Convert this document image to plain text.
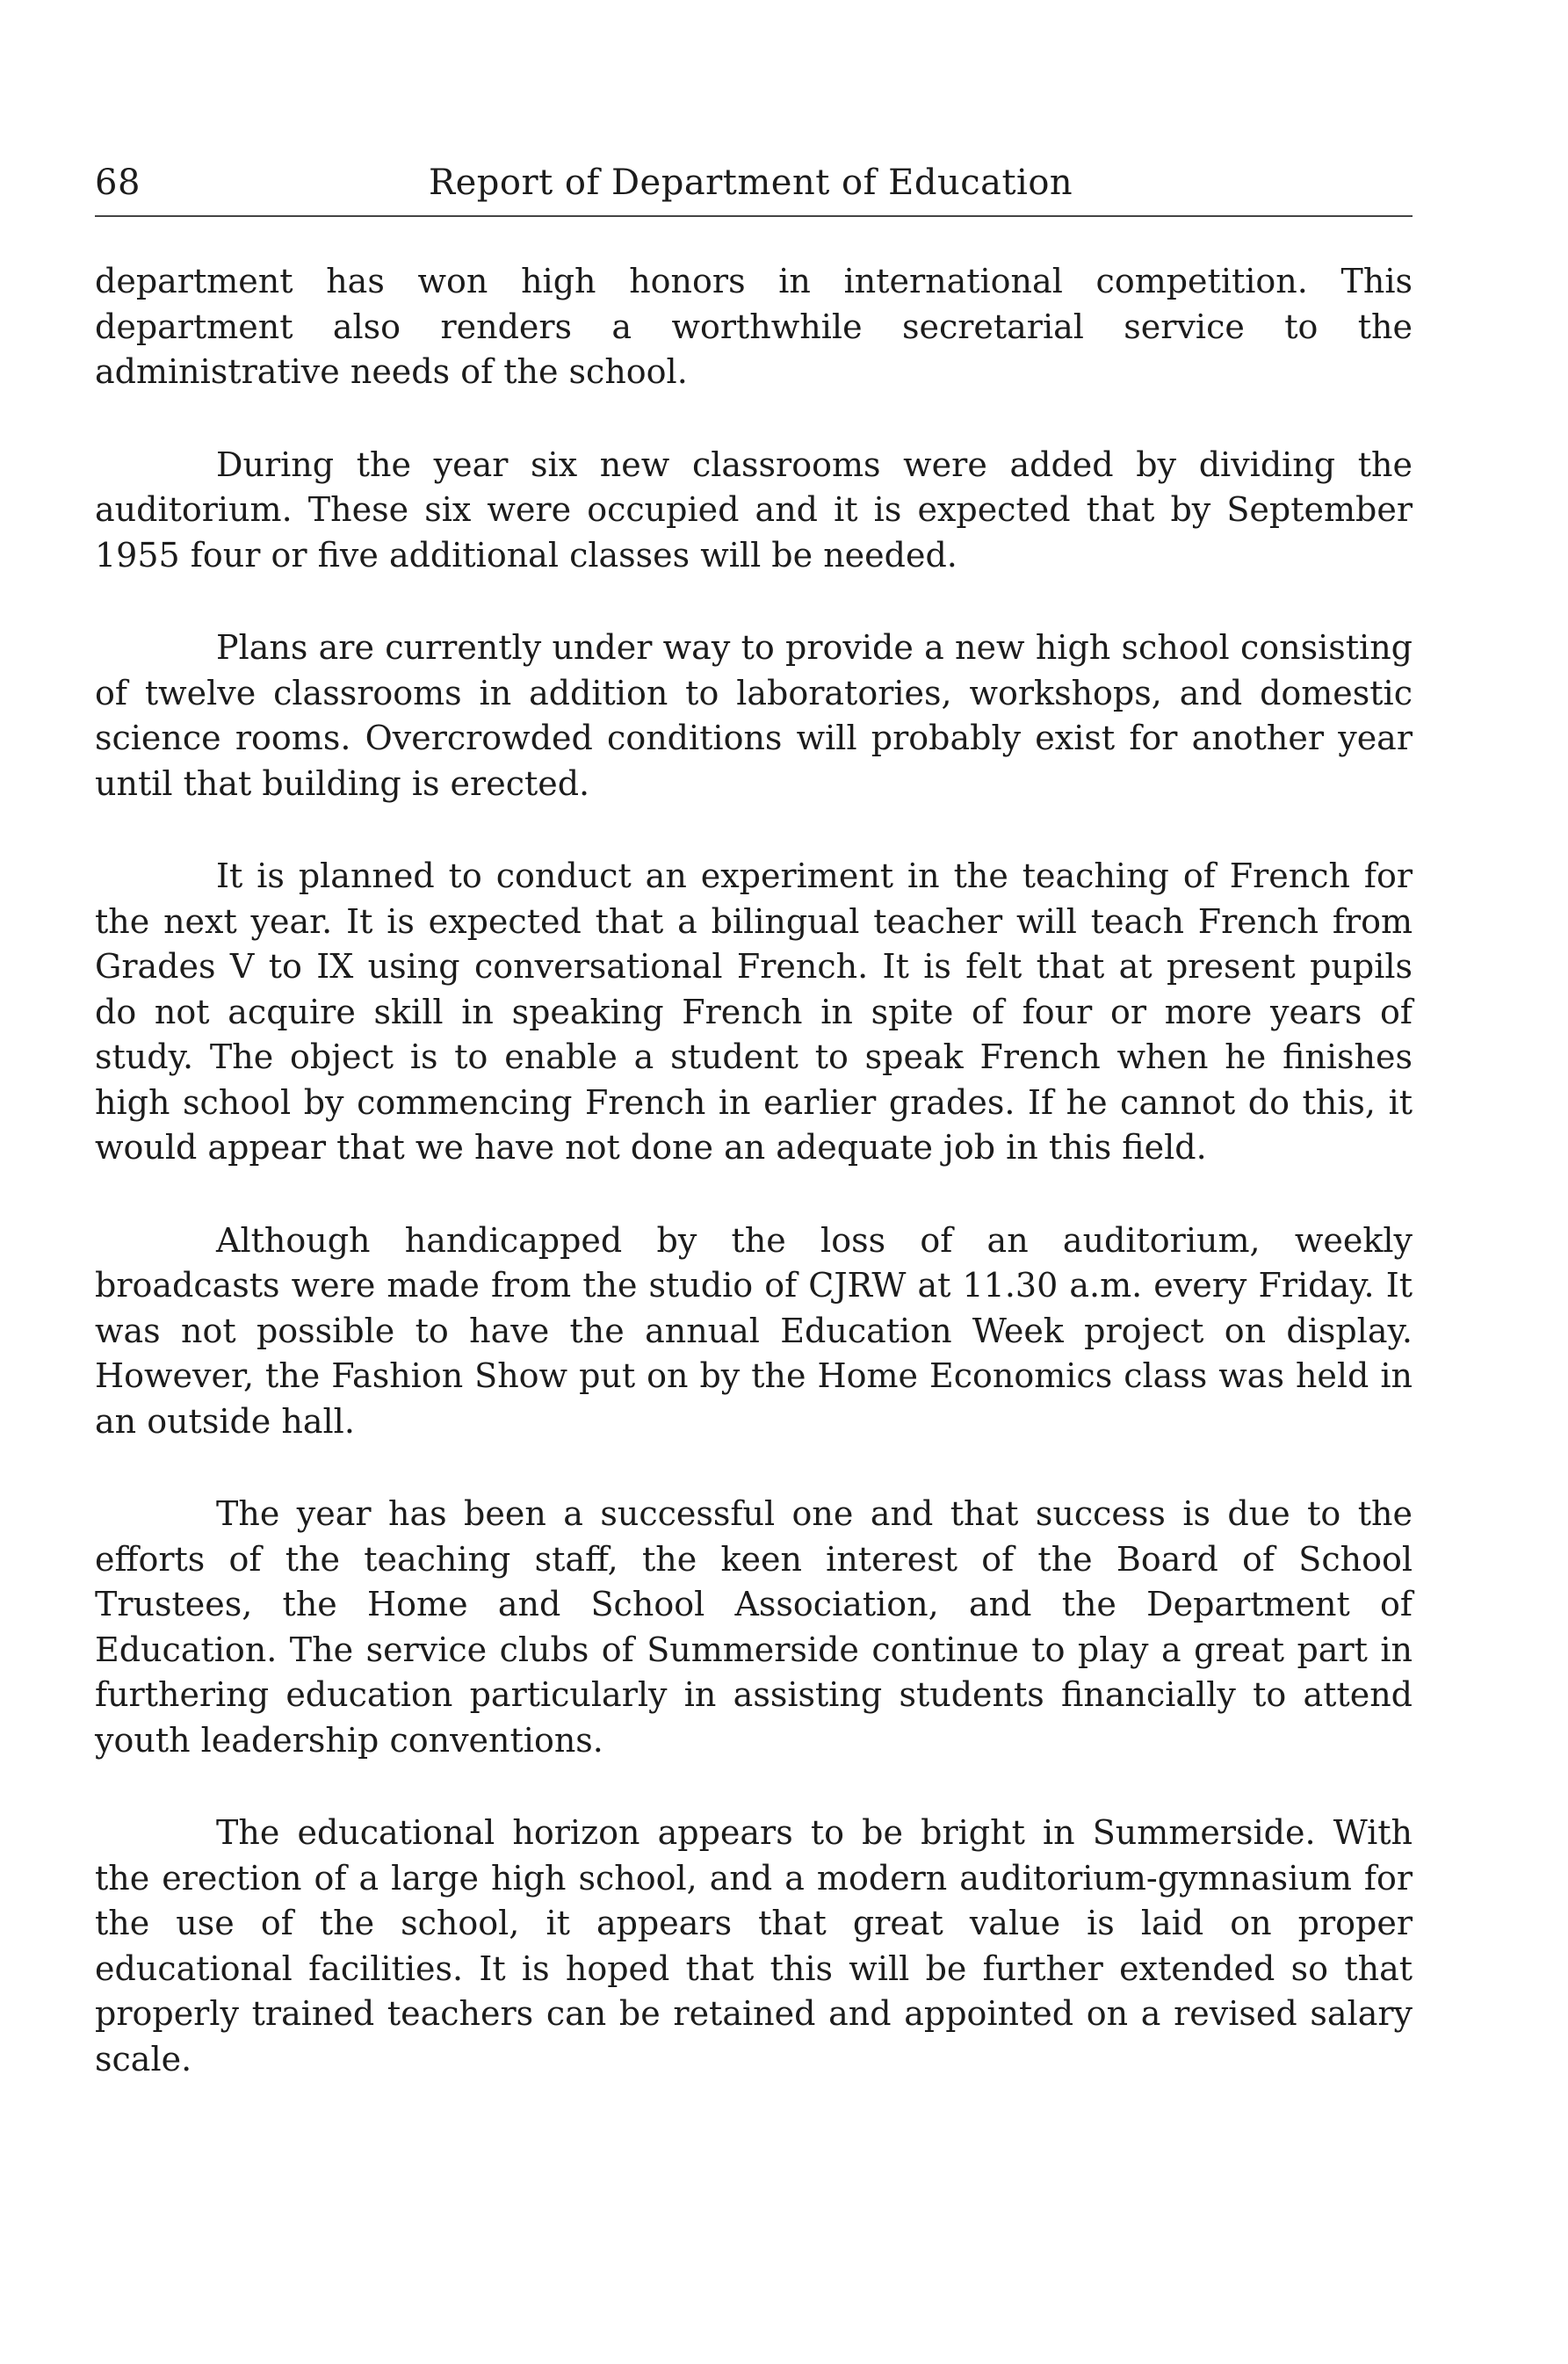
68	Report of Department of Education

department has won high honors in international competition. This department also renders a worthwhile secretarial service to the administrative needs of the school.

During the year six new classrooms were added by dividing the auditorium. These six were occupied and it is expected that by September 1955 four or five additional classes will be needed.

Plans are currently under way to provide a new high school consisting of twelve classrooms in addition to laboratories, workshops, and domestic science rooms. Overcrowded conditions will probably exist for another year until that building is erected.

It is planned to conduct an experiment in the teaching of French for the next year. It is expected that a bilingual teacher will teach French from Grades V to IX using conversational French. It is felt that at present pupils do not acquire skill in speaking French in spite of four or more years of study. The object is to enable a student to speak French when he finishes high school by commencing French in earlier grades. If he cannot do this, it would appear that we have not done an adequate job in this field.

Although handicapped by the loss of an auditorium, weekly broadcasts were made from the studio of CJRW at 11.30 a.m. every Friday. It was not possible to have the annual Education Week project on display. However, the Fashion Show put on by the Home Economics class was held in an outside hall.

The year has been a successful one and that success is due to the efforts of the teaching staff, the keen interest of the Board of School Trustees, the Home and School Association, and the Department of Education. The service clubs of Summerside continue to play a great part in furthering education particularly in assisting students financially to attend youth leadership conventions.

The educational horizon appears to be bright in Summerside. With the erection of a large high school, and a modern auditorium-gymnasium for the use of the school, it appears that great value is laid on proper educational facilities. It is hoped that this will be further extended so that properly trained teachers can be retained and appointed on a revised salary scale.
